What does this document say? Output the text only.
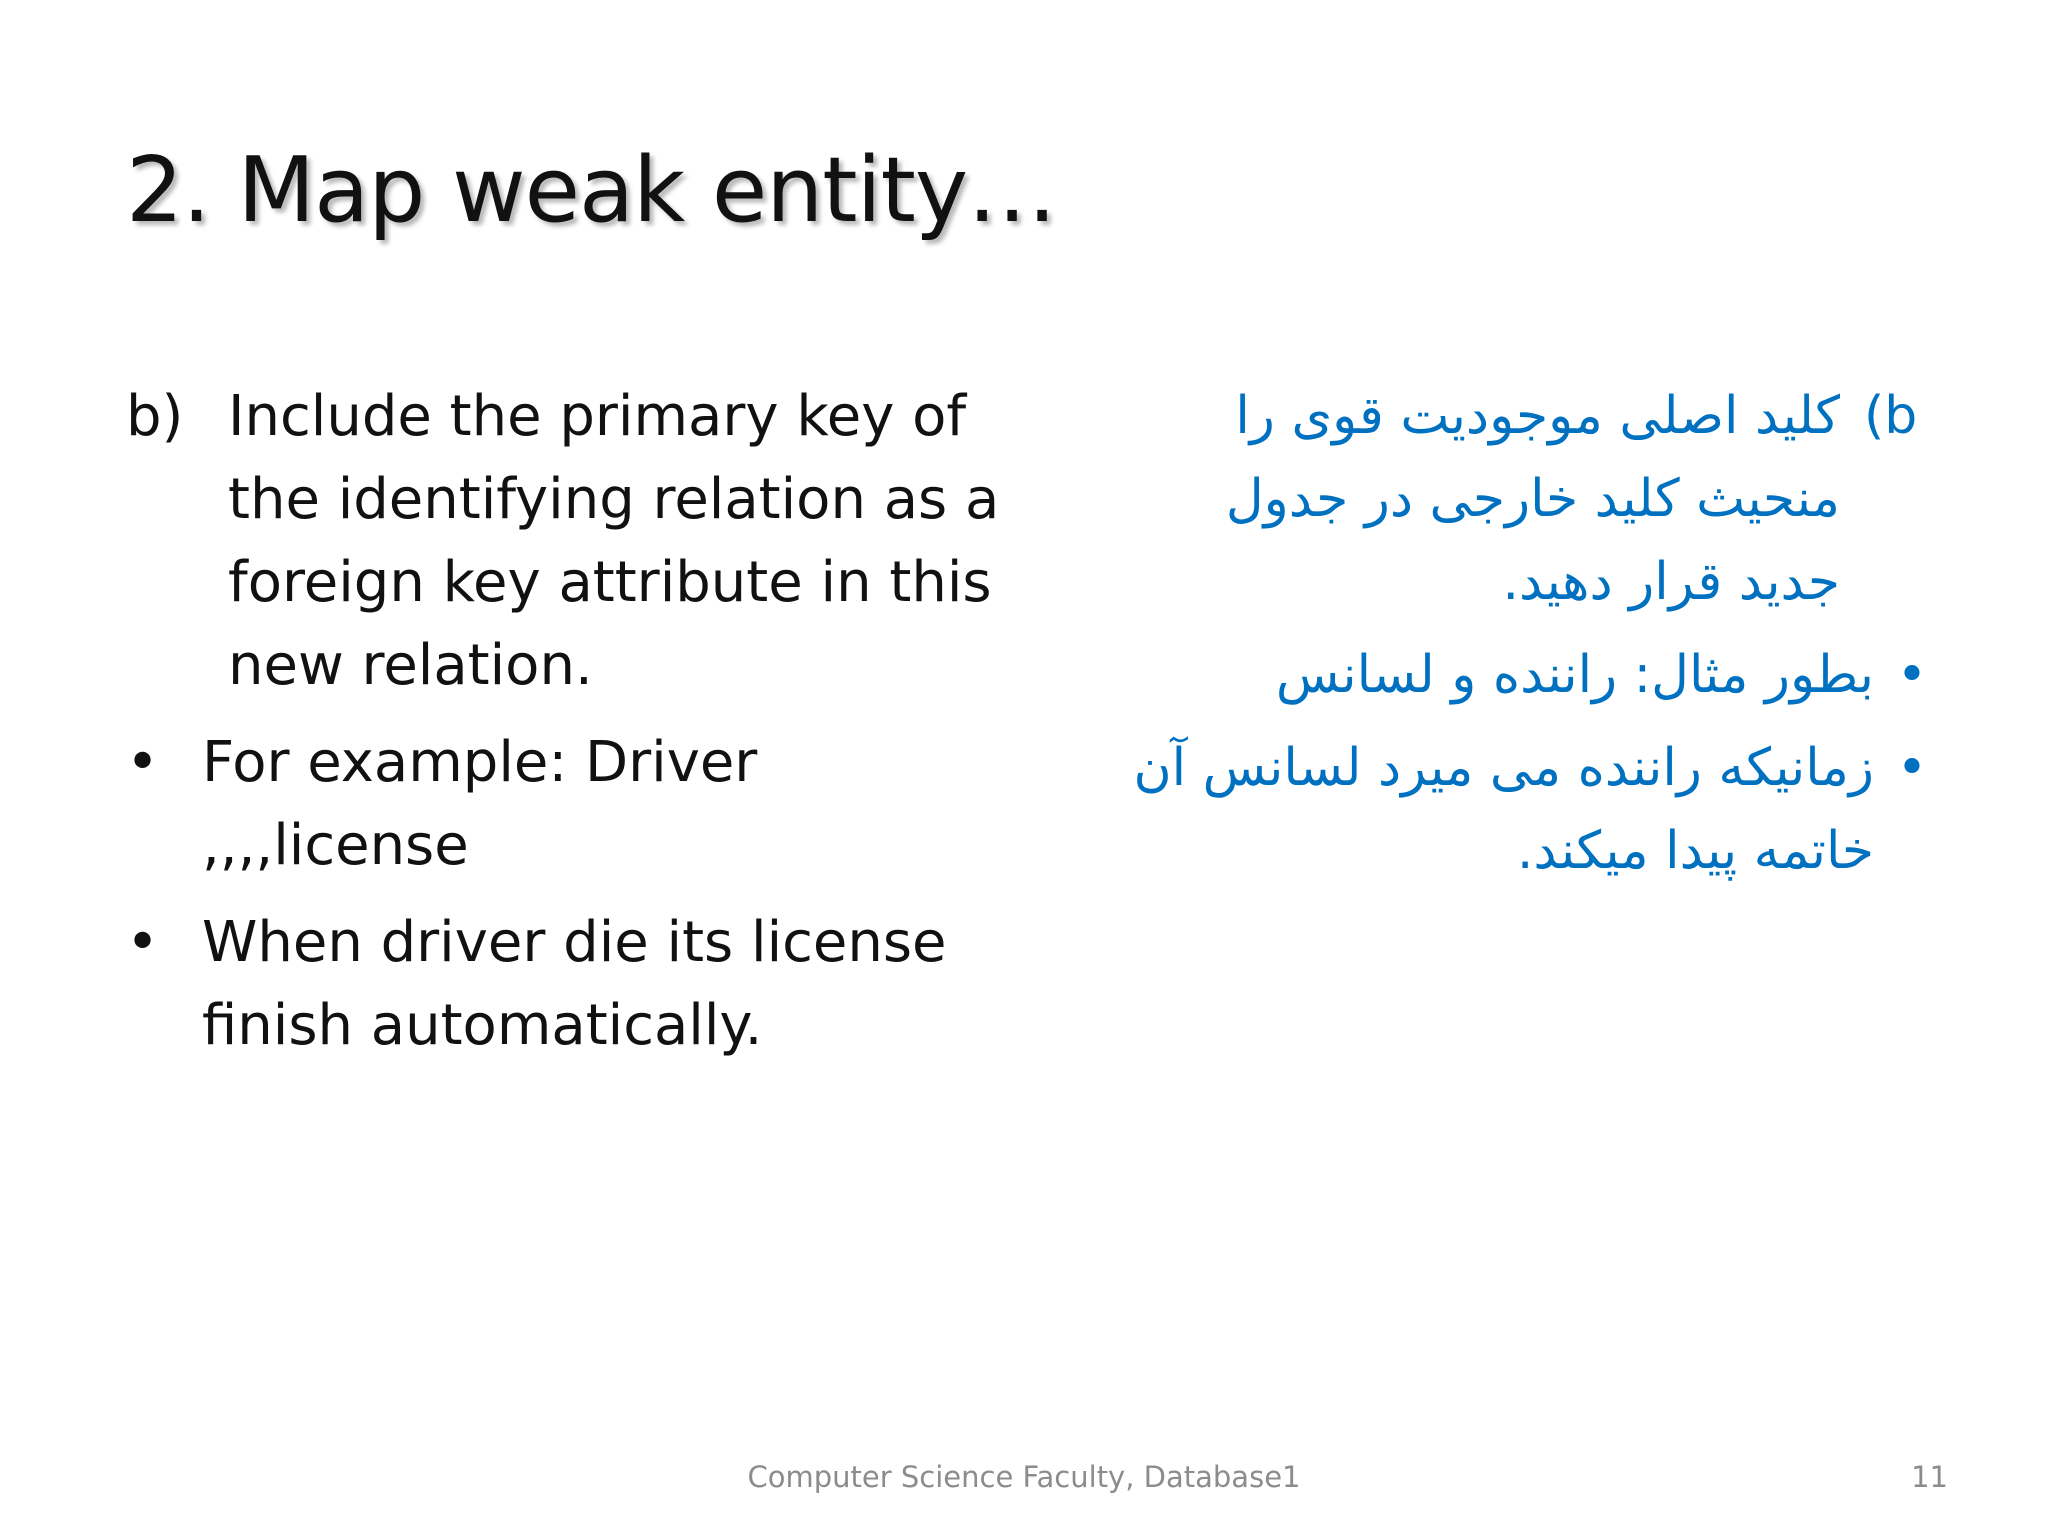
2. Map weak entity…
b) Include the primary key of the identifying relation as a foreign key attribute in this new relation.
• For example: Driver ,,,,license
• When driver die its license finish automatically.
(b
کلید اصلی موجودیت قوی را منحیث کلید خارجی در جدول جدید قرار دهید.
•
بطور مثال: راننده و لسانس
•
زمانیکه راننده می میرد لسانس آن خاتمه پیدا میکند.
Computer Science Faculty, Database1	11
